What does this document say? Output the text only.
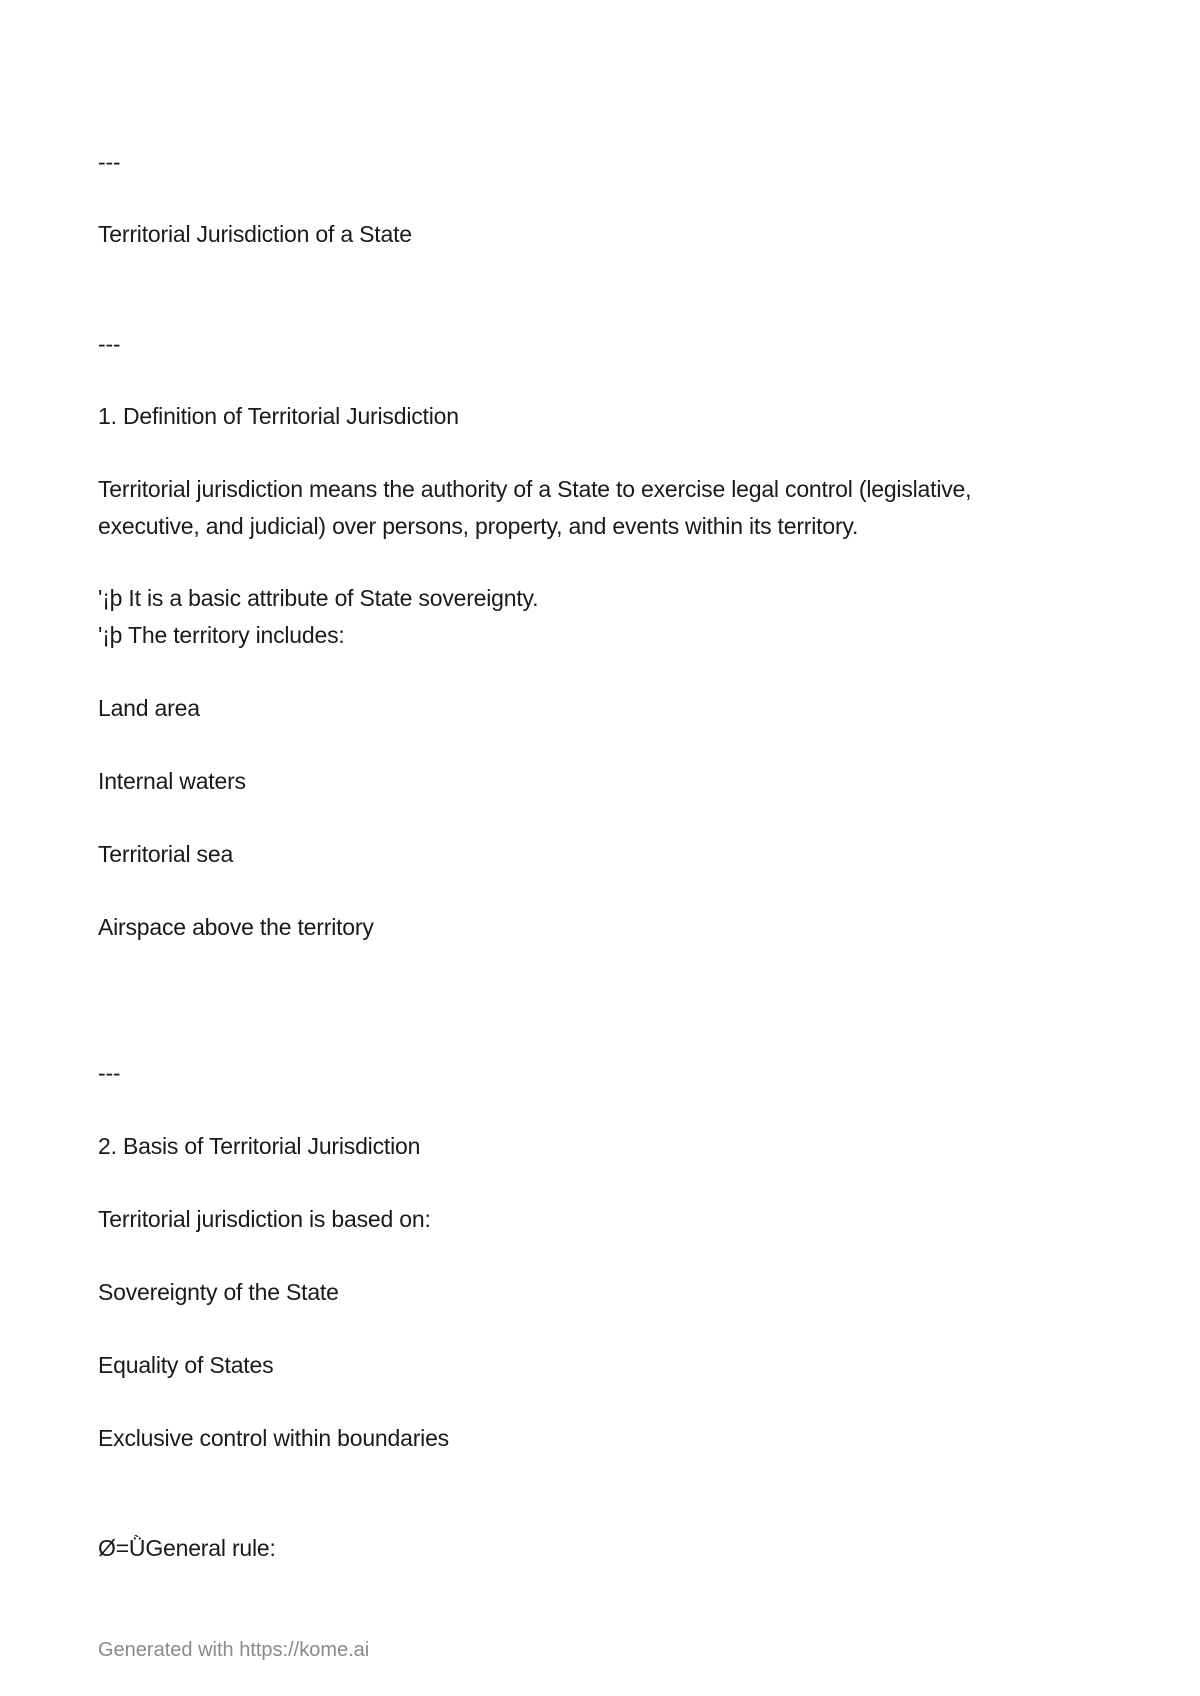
---
Territorial Jurisdiction of a State
---
1. Definition of Territorial Jurisdiction
Territorial jurisdiction means the authority of a State to exercise legal control (legislative, executive, and judicial) over persons, property, and events within its territory.
'¡þ It is a basic attribute of State sovereignty.
'¡þ The territory includes:
Land area
Internal waters
Territorial sea
Airspace above the territory
---
2. Basis of Territorial Jurisdiction
Territorial jurisdiction is based on:
Sovereignty of the State
Equality of States
Exclusive control within boundaries
Ø=ǛGeneral rule:
Generated with https://kome.ai
